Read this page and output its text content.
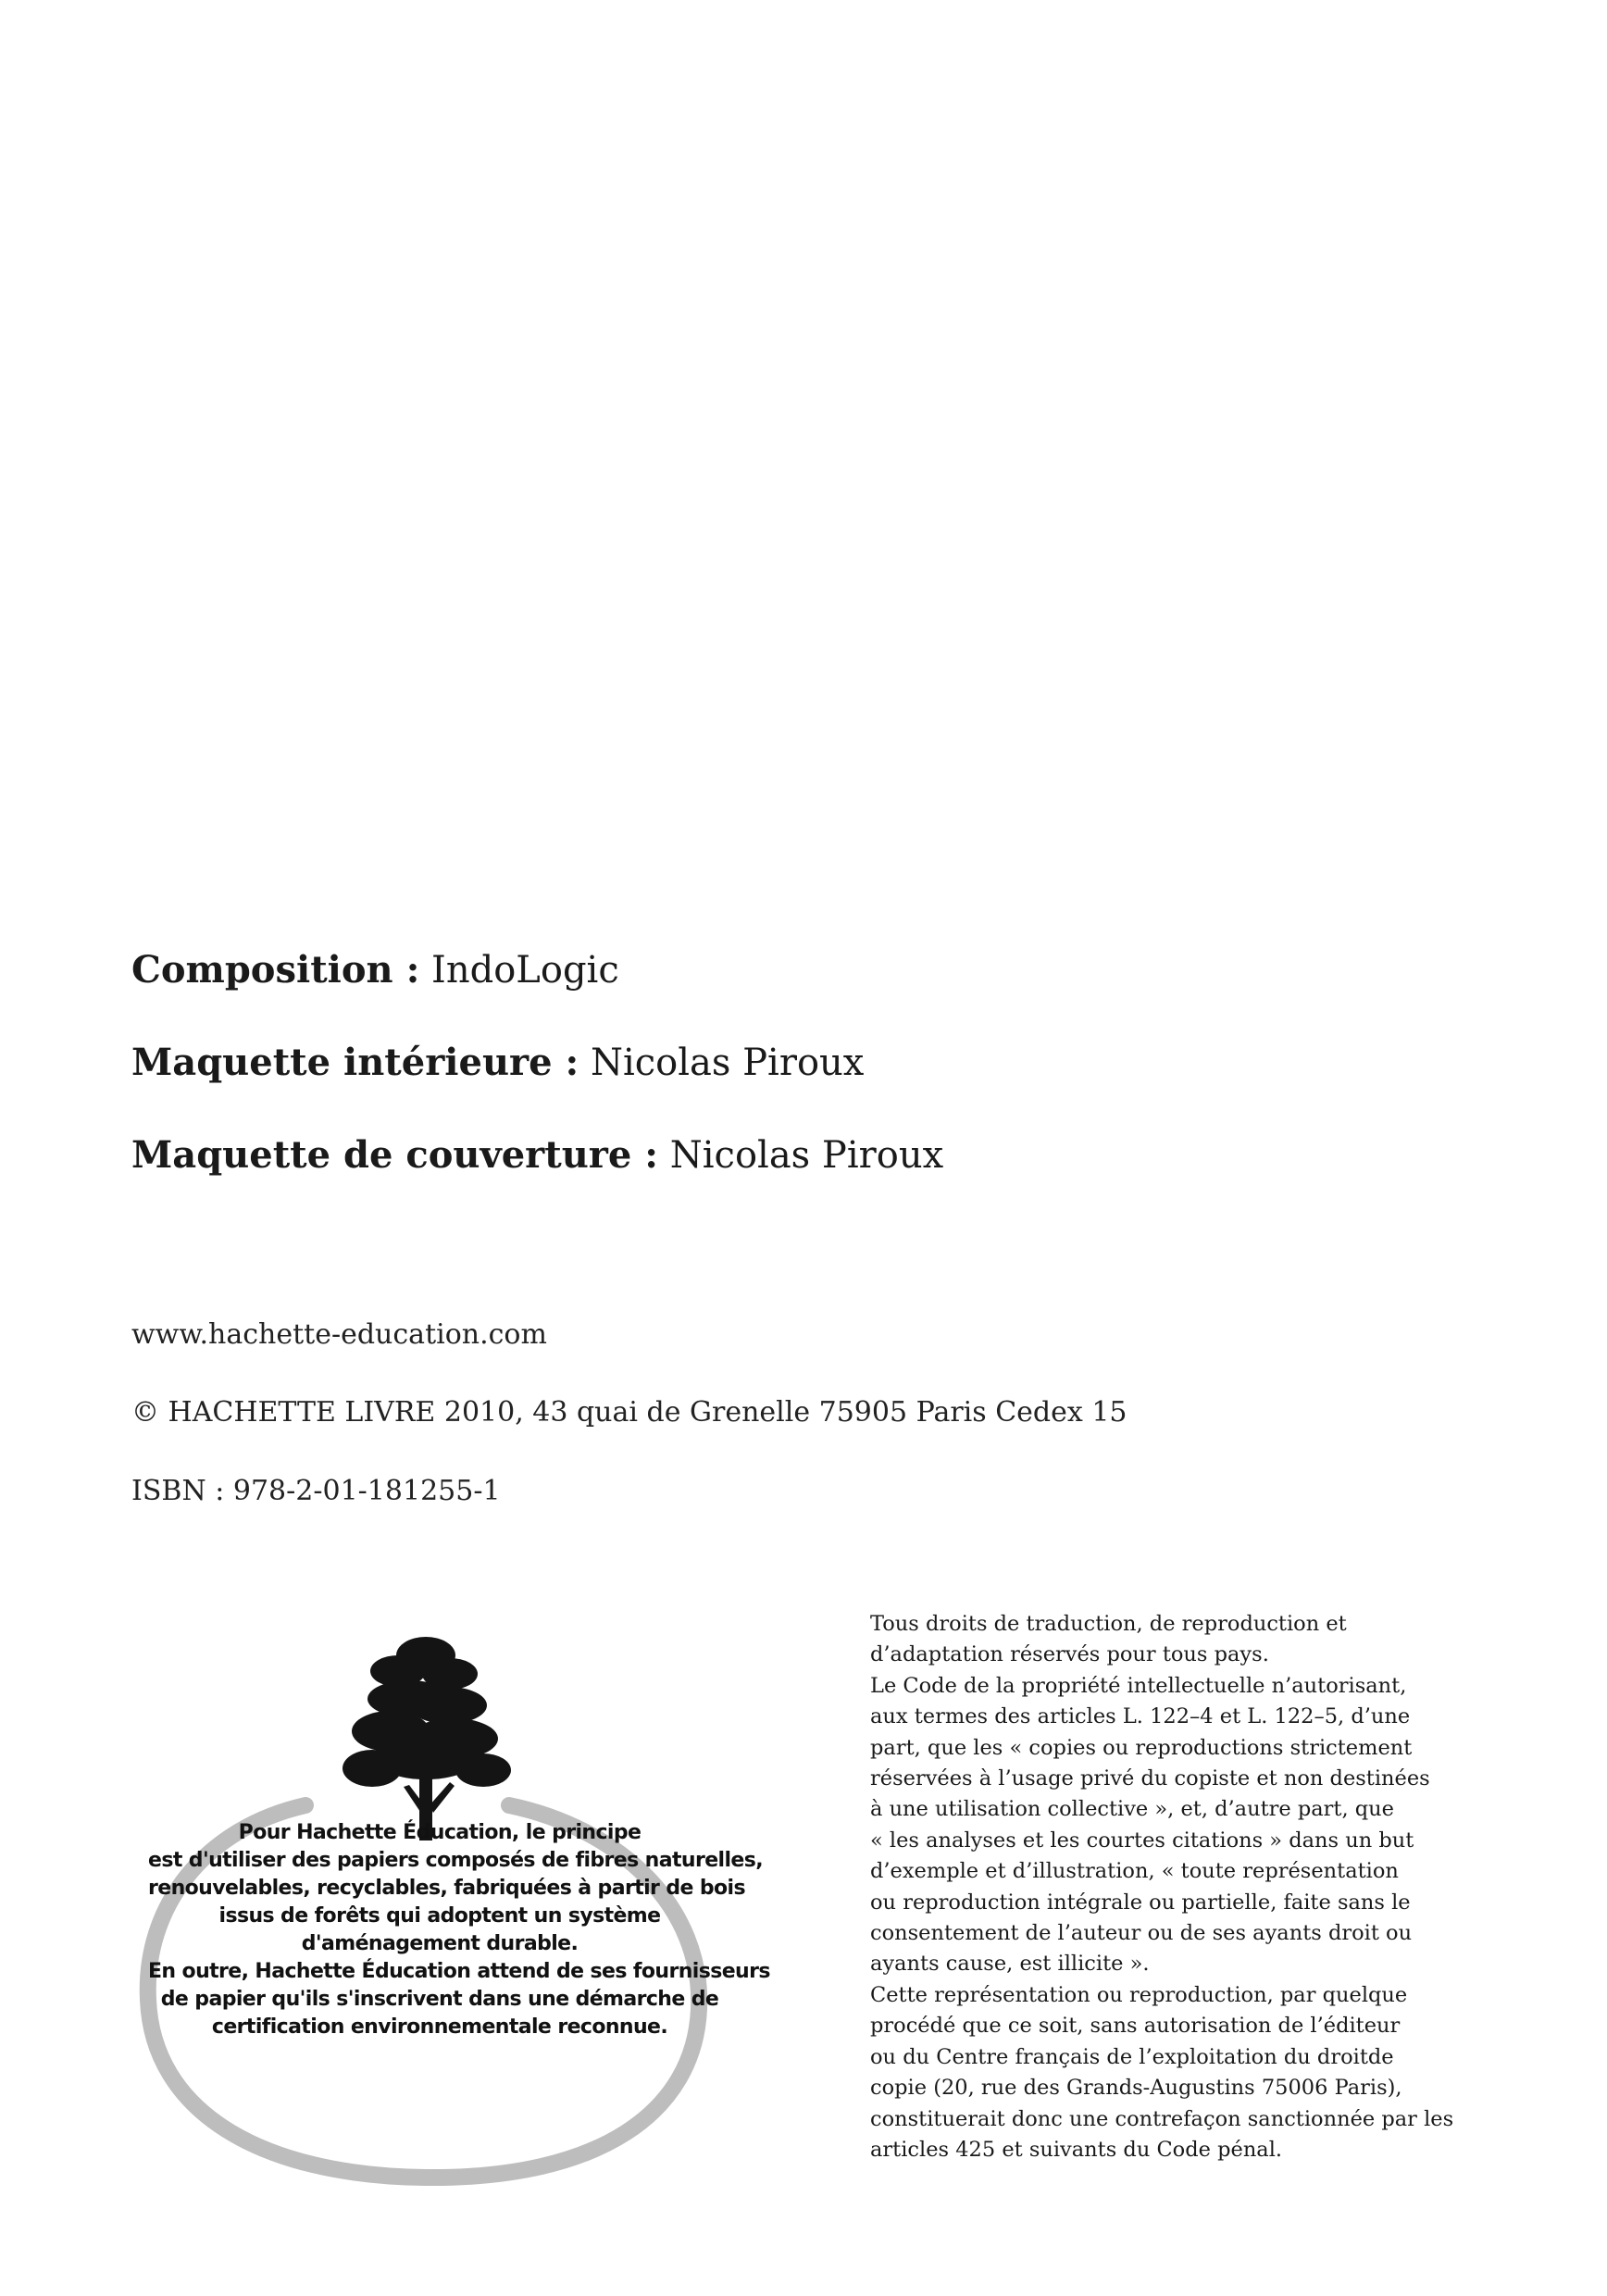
Composition : IndoLogic
Maquette intérieure : Nicolas Piroux
Maquette de couverture : Nicolas Piroux
www.hachette-education.com
© HACHETTE LIVRE 2010, 43 quai de Grenelle 75905 Paris Cedex 15
ISBN : 978-2-01-181255-1
Pour Hachette Éducation, le principe
est d'utiliser des papiers composés de fibres naturelles,
renouvelables, recyclables, fabriquées à partir de bois
issus de forêts qui adoptent un système
d'aménagement durable.
En outre, Hachette Éducation attend de ses fournisseurs
de papier qu'ils s'inscrivent dans une démarche de
certification environnementale reconnue.
Tous droits de traduction, de reproduction et
d’adaptation réservés pour tous pays.
Le Code de la propriété intellectuelle n’autorisant,
aux termes des articles L. 122–4 et L. 122–5, d’une
part, que les « copies ou reproductions strictement
réservées à l’usage privé du copiste et non destinées
à une utilisation collective », et, d’autre part, que
« les analyses et les courtes citations » dans un but
d’exemple et d’illustration, « toute représentation
ou reproduction intégrale ou partielle, faite sans le
consentement de l’auteur ou de ses ayants droit ou
ayants cause, est illicite ».
Cette représentation ou reproduction, par quelque
procédé que ce soit, sans autorisation de l’éditeur
ou du Centre français de l’exploitation du droitde
copie (20, rue des Grands-Augustins 75006 Paris),
constituerait donc une contrefaçon sanctionnée par les
articles 425 et suivants du Code pénal.
